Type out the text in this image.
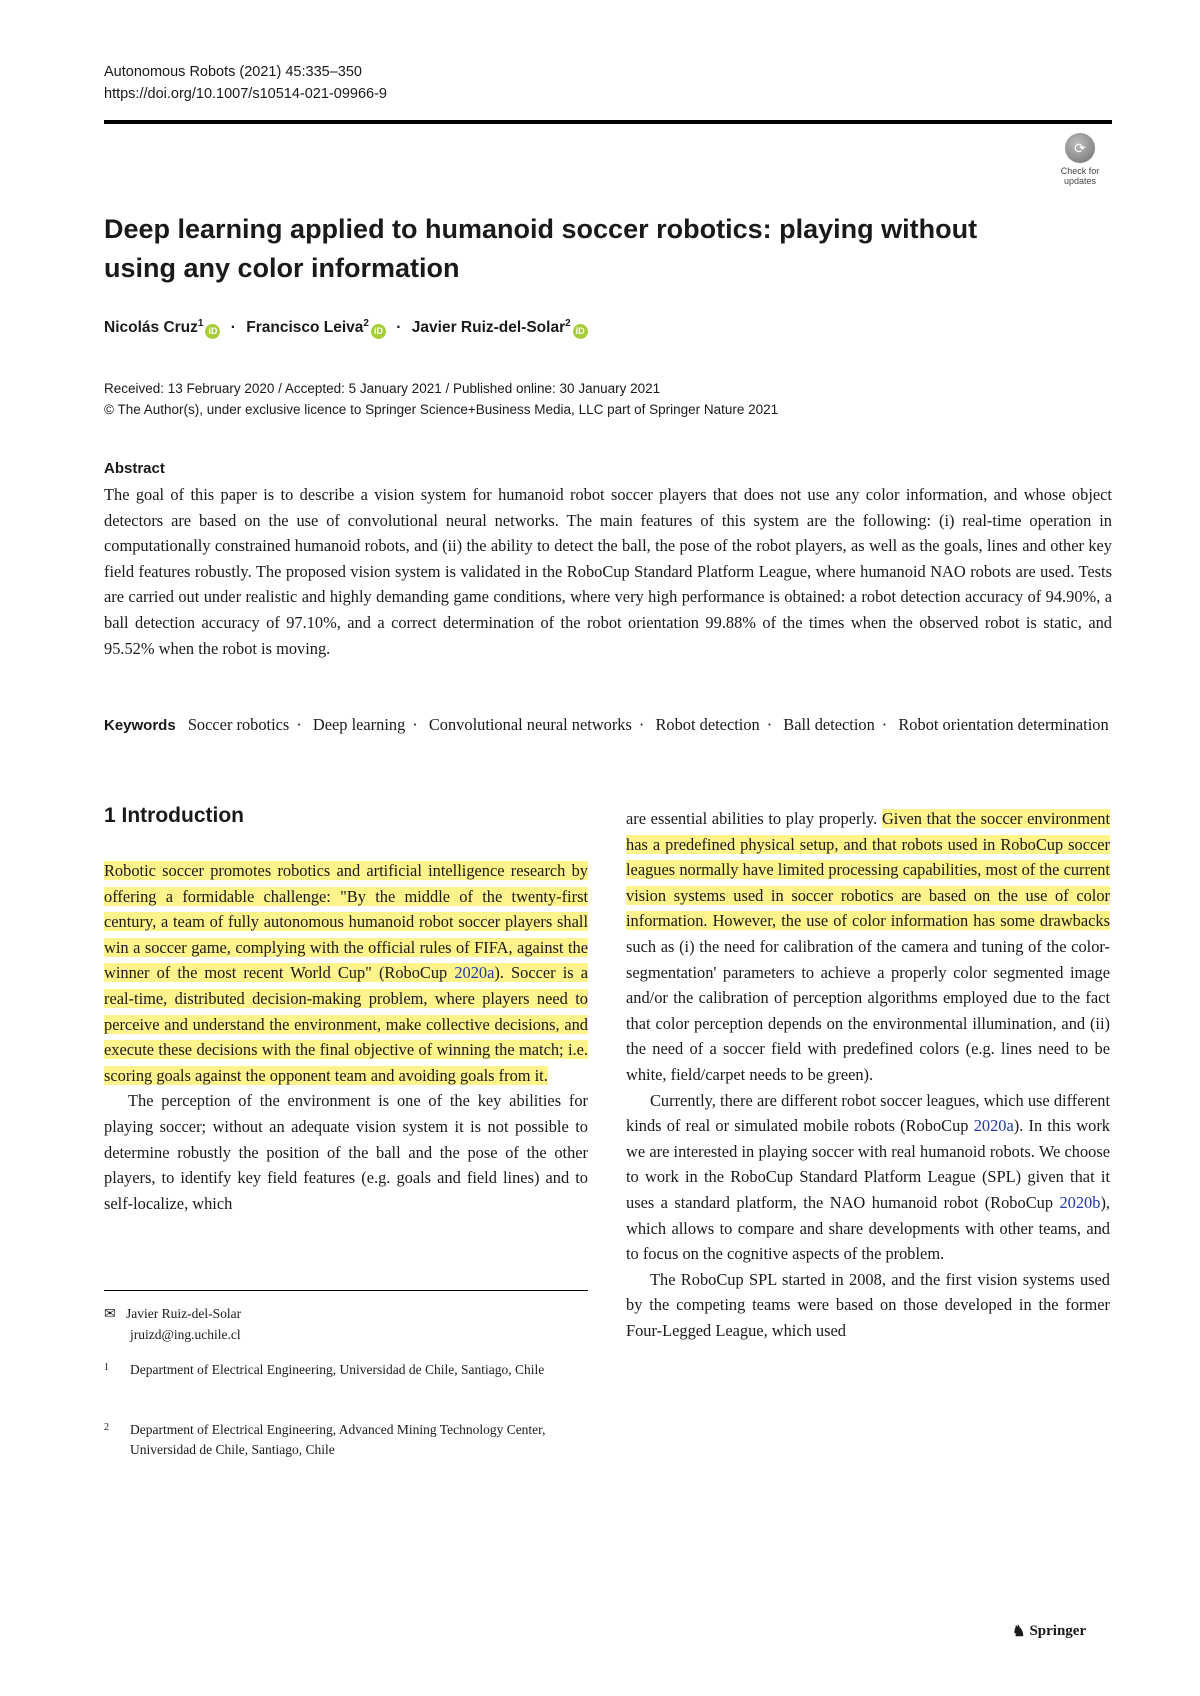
Autonomous Robots (2021) 45:335–350
https://doi.org/10.1007/s10514-021-09966-9
⟳
Check for updates
Deep learning applied to humanoid soccer robotics: playing without using any color information
Nicolás Cruz$^1$iD · Francisco Leiva$^2$iD · Javier Ruiz-del-Solar$^2$iD
Received: 13 February 2020 / Accepted: 5 January 2021 / Published online: 30 January 2021
© The Author(s), under exclusive licence to Springer Science+Business Media, LLC part of Springer Nature 2021
Abstract

The goal of this paper is to describe a vision system for humanoid robot soccer players that does not use any color information, and whose object detectors are based on the use of convolutional neural networks. The main features of this system are the following: (i) real-time operation in computationally constrained humanoid robots, and (ii) the ability to detect the ball, the pose of the robot players, as well as the goals, lines and other key field features robustly. The proposed vision system is validated in the RoboCup Standard Platform League, where humanoid NAO robots are used. Tests are carried out under realistic and highly demanding game conditions, where very high performance is obtained: a robot detection accuracy of 94.90%, a ball detection accuracy of 97.10%, and a correct determination of the robot orientation 99.88% of the times when the observed robot is static, and 95.52% when the robot is moving.

Keywords Soccer robotics · Deep learning · Convolutional neural networks · Robot detection · Ball detection · Robot orientation determination

1 Introduction

Robotic soccer promotes robotics and artificial intelligence research by offering a formidable challenge: "By the middle of the twenty-first century, a team of fully autonomous humanoid robot soccer players shall win a soccer game, complying with the official rules of FIFA, against the winner of the most recent World Cup" (RoboCup 2020a). Soccer is a real-time, distributed decision-making problem, where players need to perceive and understand the environment, make collective decisions, and execute these decisions with the final objective of winning the match; i.e. scoring goals against the opponent team and avoiding goals from it.

The perception of the environment is one of the key abilities for playing soccer; without an adequate vision system it is not possible to determine robustly the position of the ball and the pose of the other players, to identify key field features (e.g. goals and field lines) and to self-localize, which

are essential abilities to play properly. Given that the soccer environment has a predefined physical setup, and that robots used in RoboCup soccer leagues normally have limited processing capabilities, most of the current vision systems used in soccer robotics are based on the use of color information. However, the use of color information has some drawbacks such as (i) the need for calibration of the camera and tuning of the color-segmentation' parameters to achieve a properly color segmented image and/or the calibration of perception algorithms employed due to the fact that color perception depends on the environmental illumination, and (ii) the need of a soccer field with predefined colors (e.g. lines need to be white, field/carpet needs to be green).

Currently, there are different robot soccer leagues, which use different kinds of real or simulated mobile robots (RoboCup 2020a). In this work we are interested in playing soccer with real humanoid robots. We choose to work in the RoboCup Standard Platform League (SPL) given that it uses a standard platform, the NAO humanoid robot (RoboCup 2020b), which allows to compare and share developments with other teams, and to focus on the cognitive aspects of the problem.

The RoboCup SPL started in 2008, and the first vision systems used by the competing teams were based on those developed in the former Four-Legged League, which used

✉ Javier Ruiz-del-Solar
jruizd@ing.uchile.cl
1	Department of Electrical Engineering, Universidad de Chile, Santiago, Chile
2	Department of Electrical Engineering, Advanced Mining Technology Center, Universidad de Chile, Santiago, Chile
♞ Springer
